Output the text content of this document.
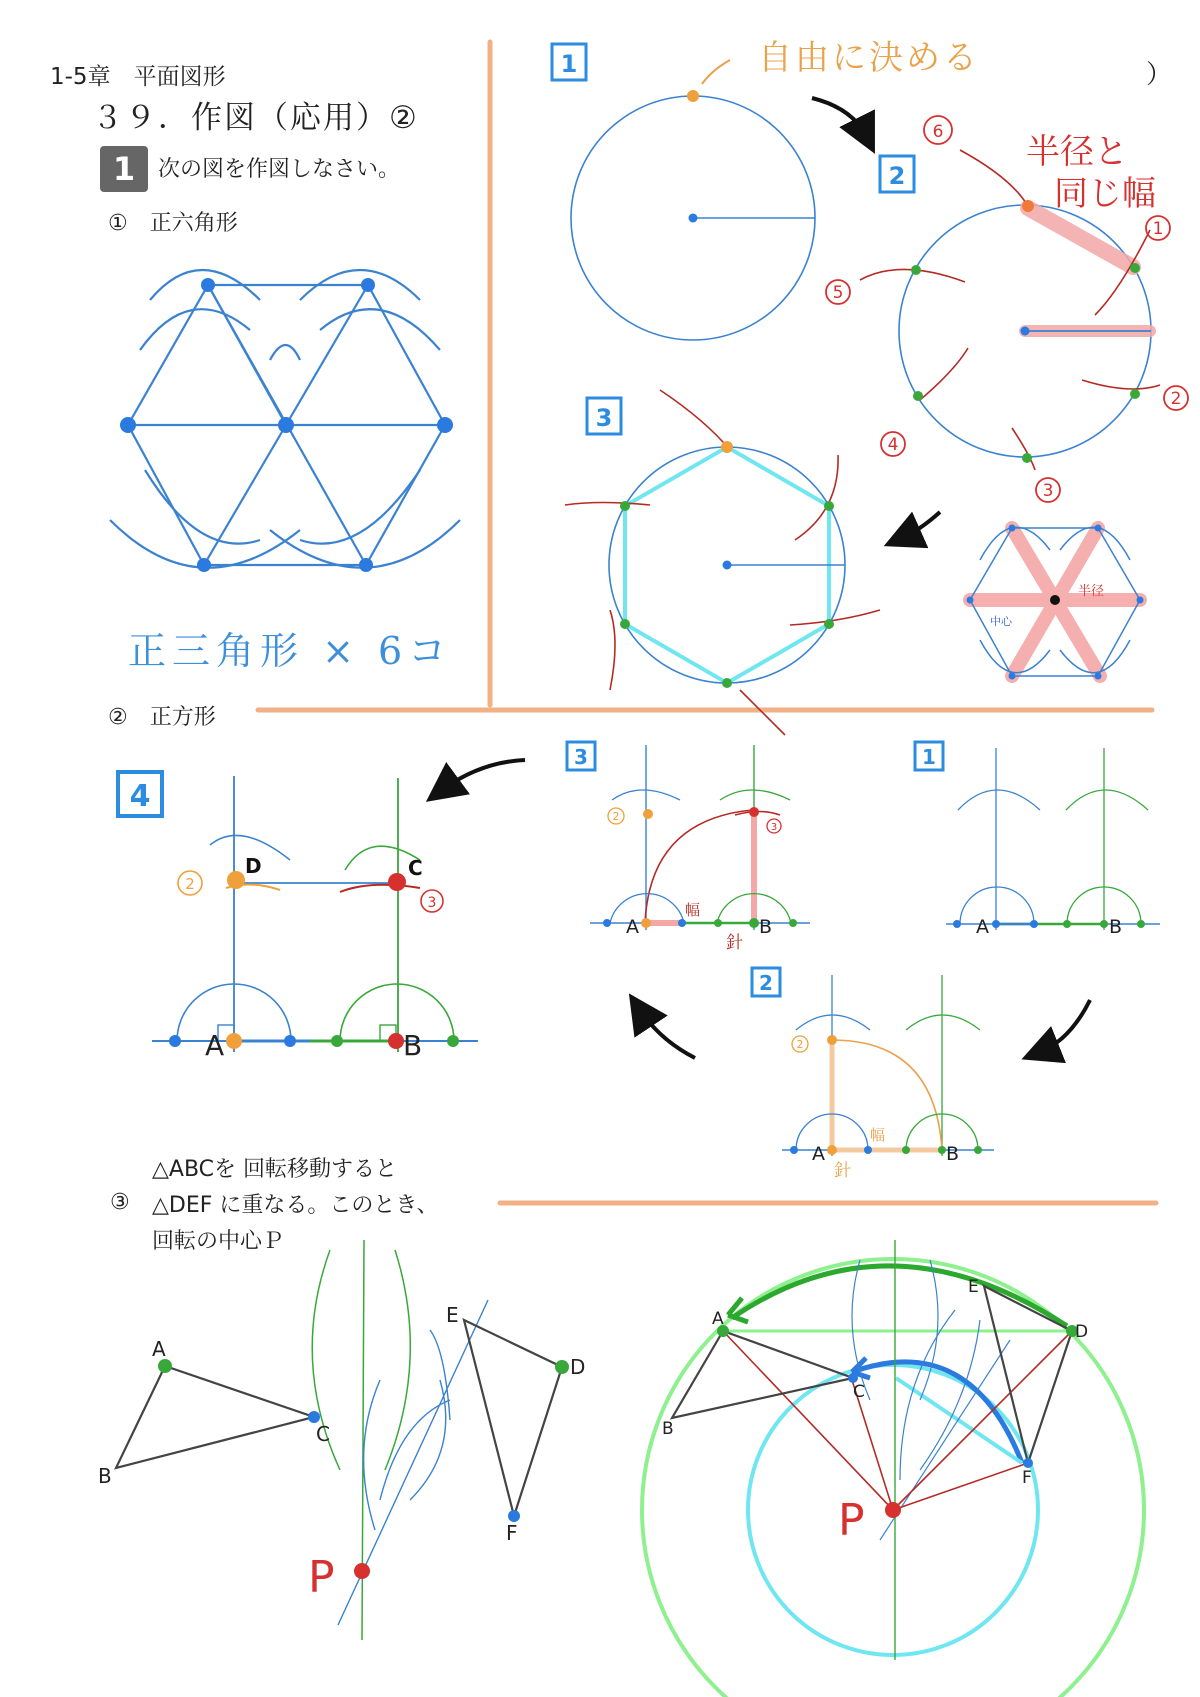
1-5章　平面図形
３９．作図（応用）②
）
1	次の図を作図しなさい。
①　正六角形
②　正方形
③
△ABCを 回転移動すると
△DEF に重なる。このとき、
回転の中心Ｐ
正三角形 × 6コ
自由に決める
半径と
同じ幅
1
2
1
2
3
4
5
6
3
半径
中心
4
A	B
D	C
2
3
3
A	B
幅
針
2
3
1
A	B
2
A	B
幅
針
2
A
B
C
D
E
F
P
A
B
C
D
E
F
P
